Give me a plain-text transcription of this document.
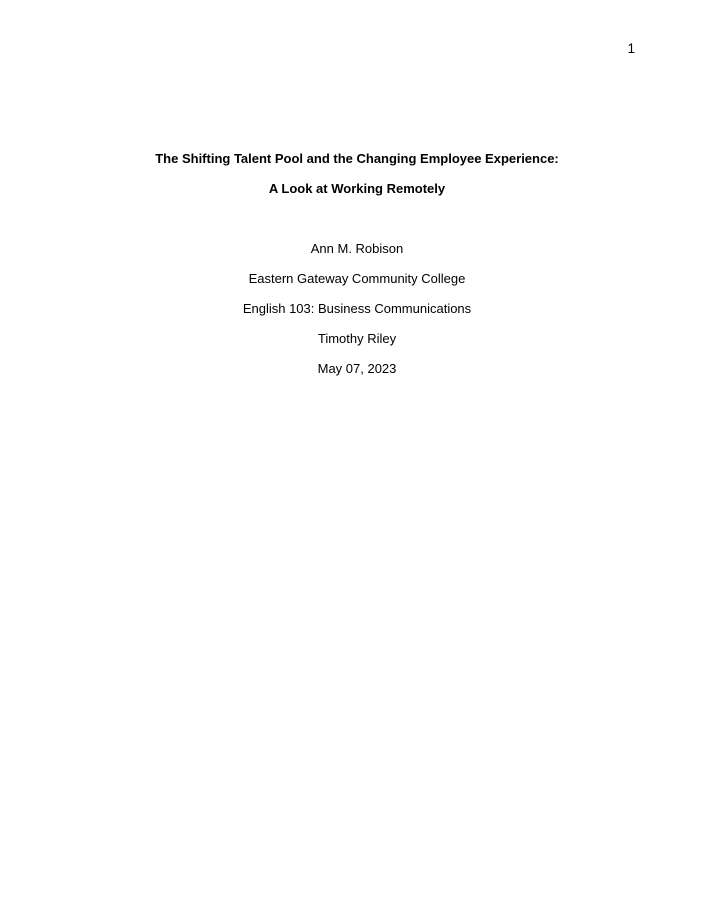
1
The Shifting Talent Pool and the Changing Employee Experience:
A Look at Working Remotely
Ann M. Robison
Eastern Gateway Community College
English 103: Business Communications
Timothy Riley
May 07, 2023
